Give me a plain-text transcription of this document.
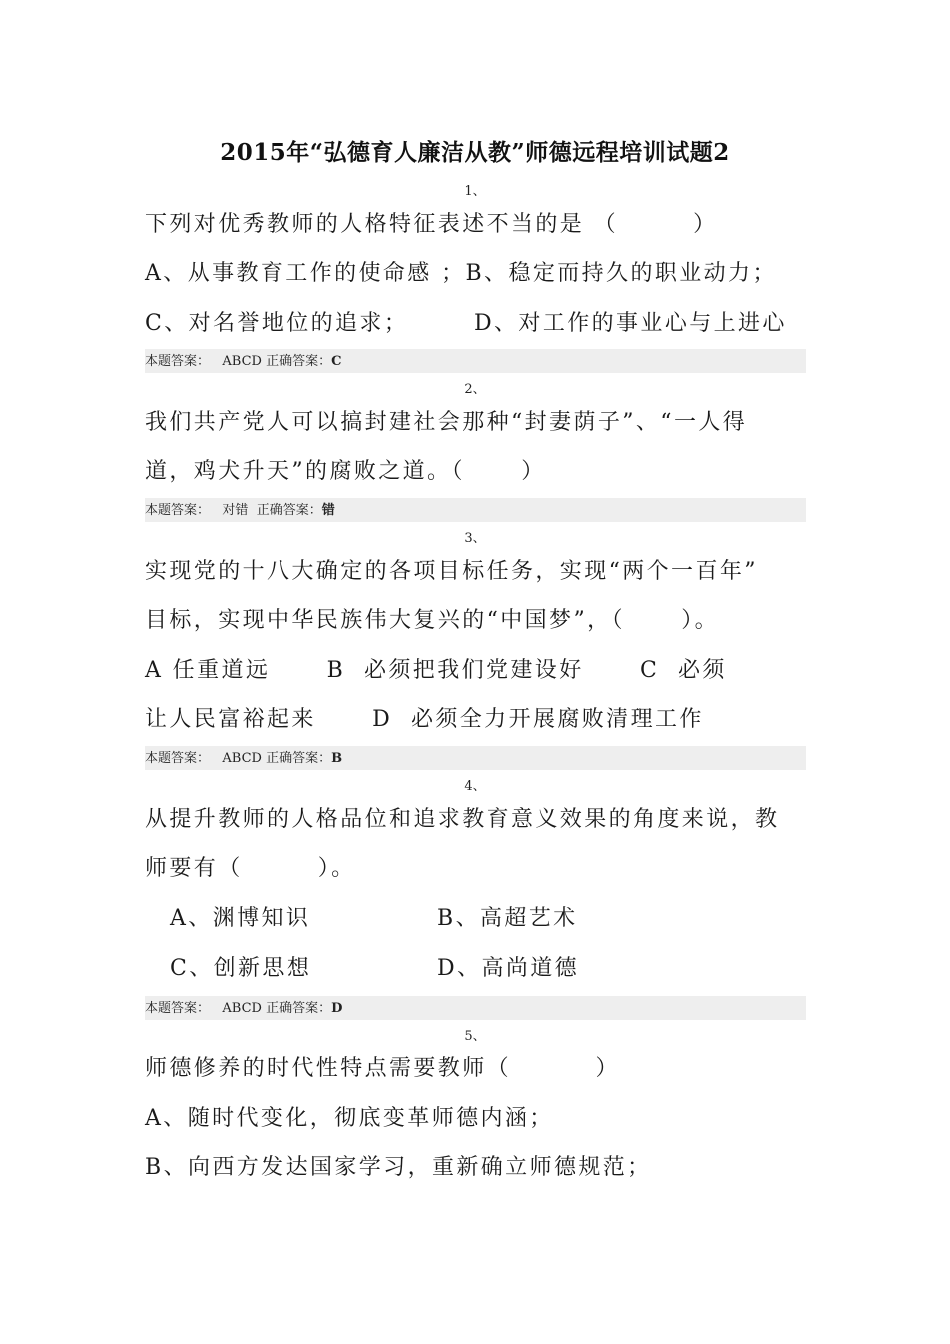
2015年“弘德育人廉洁从教”师德远程培训试题2
1、
下列对优秀教师的人格特征表述不当的是 （        ）
A、从事教育工作的使命感 ；B、稳定而持久的职业动力；
C、对名誉地位的追求；       D、对工作的事业心与上进心
本题答案： ABCD 正确答案：C
2、
我们共产党人可以搞封建社会那种“封妻荫子”、“一人得
道，鸡犬升天”的腐败之道。（      ）
本题答案： 对错 正确答案：错
3、
实现党的十八大确定的各项目标任务，实现“两个一百年”
目标，实现中华民族伟大复兴的“中国梦”，（      ）。
A 任重道远      B  必须把我们党建设好      C  必须
让人民富裕起来      D  必须全力开展腐败清理工作
本题答案： ABCD 正确答案：B
4、
从提升教师的人格品位和追求教育意义效果的角度来说，教
师要有（        ）。
A、渊博知识	B、高超艺术
C、创新思想	D、高尚道德
本题答案： ABCD 正确答案：D
5、
师德修养的时代性特点需要教师（         ）
A、随时代变化，彻底变革师德内涵；
B、向西方发达国家学习，重新确立师德规范；
